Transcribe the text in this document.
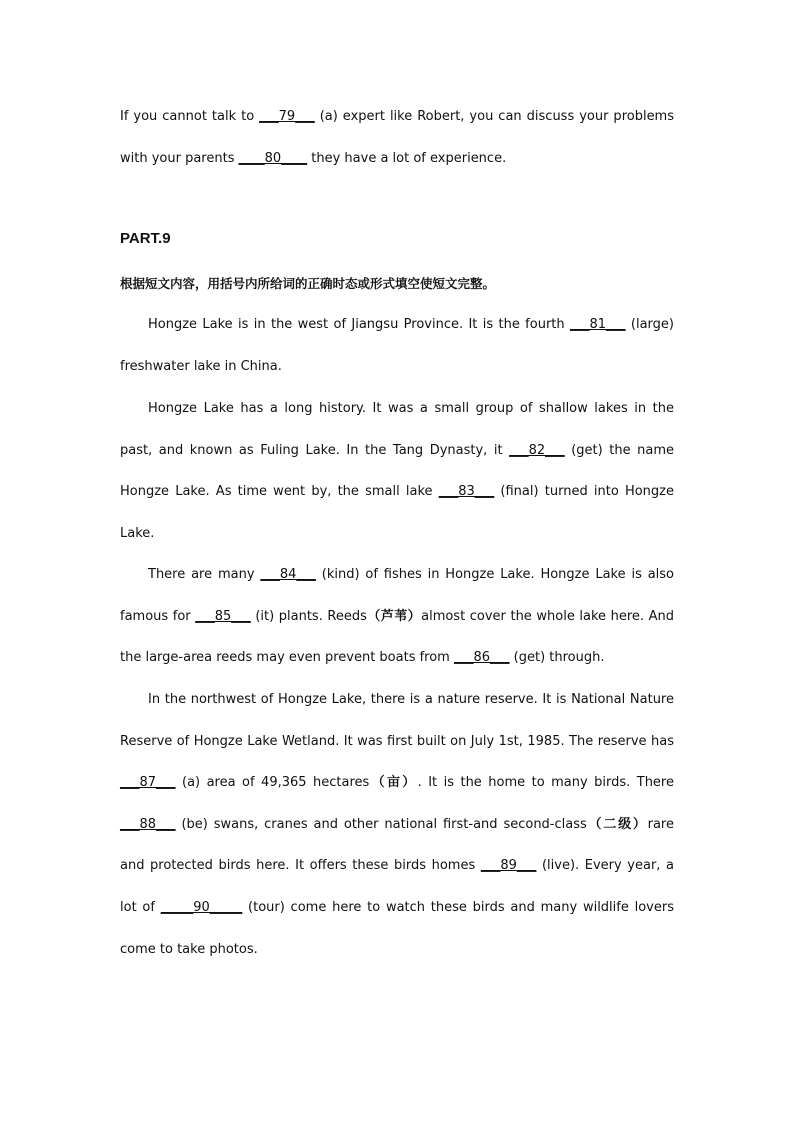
If you cannot talk to ___79___ (a) expert like Robert, you can discuss your problems with your parents ____80____ they have a lot of experience.

PART.9

根据短文内容，用括号内所给词的正确时态或形式填空使短文完整。

Hongze Lake is in the west of Jiangsu Province. It is the fourth ___81___ (large) freshwater lake in China.

Hongze Lake has a long history. It was a small group of shallow lakes in the past, and known as Fuling Lake. In the Tang Dynasty, it ___82___ (get) the name Hongze Lake. As time went by, the small lake ___83___ (final) turned into Hongze Lake.

There are many ___84___ (kind) of fishes in Hongze Lake. Hongze Lake is also famous for ___85___ (it) plants. Reeds（芦苇）almost cover the whole lake here. And the large-area reeds may even prevent boats from ___86___ (get) through.

In the northwest of Hongze Lake, there is a nature reserve. It is National Nature Reserve of Hongze Lake Wetland. It was first built on July 1st, 1985. The reserve has ___87___ (a) area of 49,365 hectares（亩）. It is the home to many birds. There ___88___ (be) swans, cranes and other national first-and second-class（二级）rare and protected birds here. It offers these birds homes ___89___ (live). Every year, a lot of _____90_____ (tour) come here to watch these birds and many wildlife lovers come to take photos.
